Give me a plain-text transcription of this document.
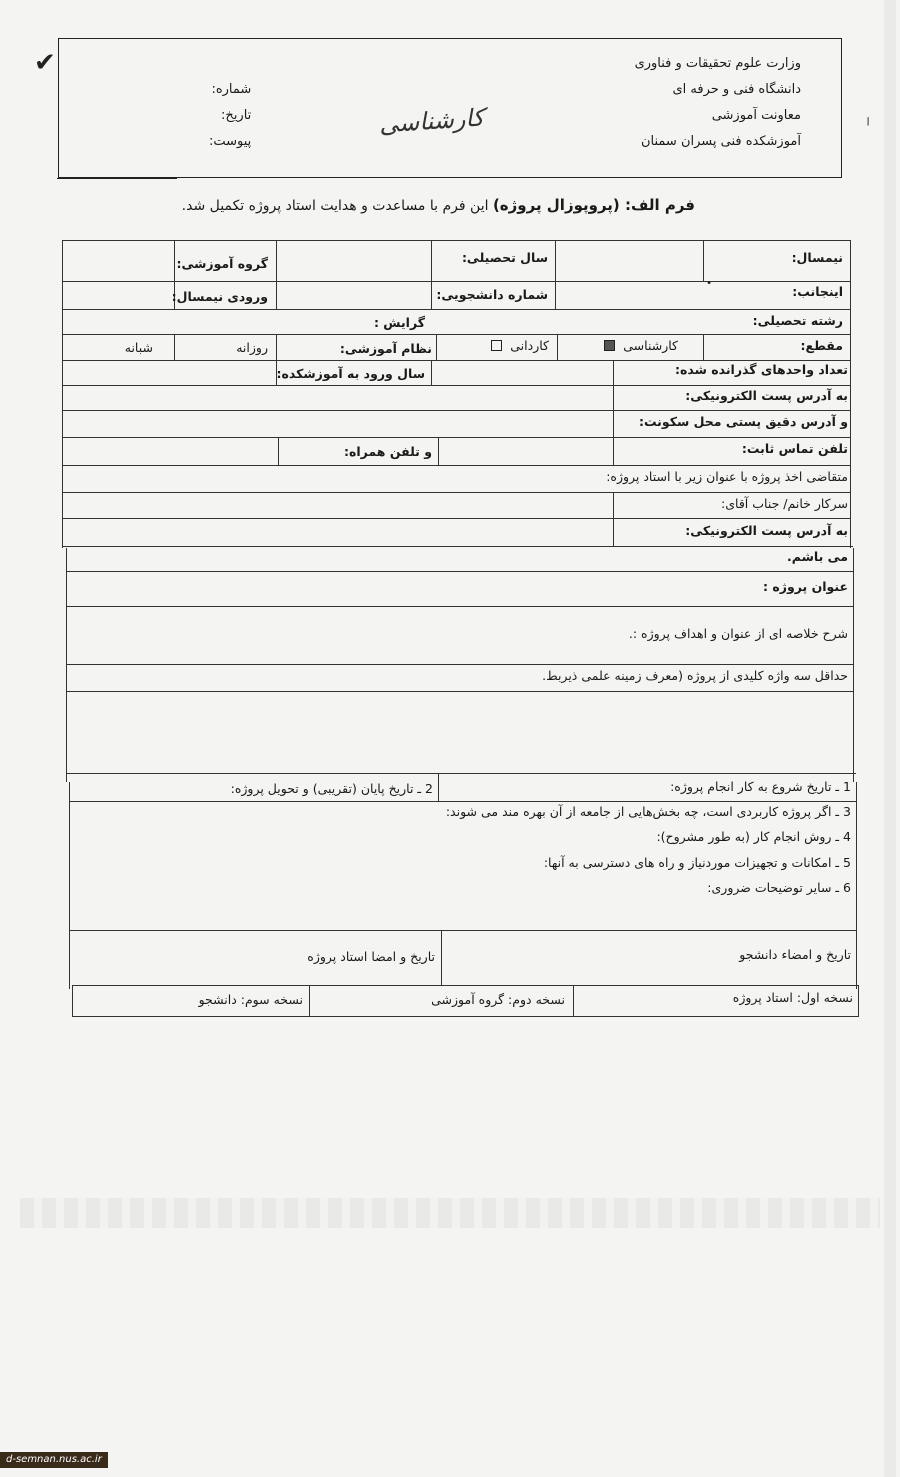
✔
╷
وزارت علوم تحقیقات و فناوری
دانشگاه فنی و حرفه ای
معاونت آموزشی
آموزشکده فنی پسران سمنان
شماره:
تاریخ:
پیوست:
کارشناسی
فرم الف: (پروپوزال پروژه) این فرم با مساعدت و هدایت استاد پروژه تکمیل شد.
نیمسال:
سال تحصیلی:
گروه آموزشی:
اینجانب:
شماره دانشجویی:
ورودی نیمسال:
•
رشته تحصیلی:
گرایش :
مقطع:
کارشناسی
کاردانی
نظام آموزشی:
روزانه
شبانه
تعداد واحدهای گذرانده شده:
سال ورود به آموزشکده:
به آدرس پست الکترونیکی:
و آدرس دقیق پستی محل سکونت:
تلفن تماس ثابت:
و تلفن همراه:
متقاضی اخذ پروژه با عنوان زیر با استاد پروژه:
سرکار خانم/ جناب آقای:
به آدرس پست الکترونیکی:
می باشم.
عنوان پروژه :
شرح خلاصه ای از عنوان و اهداف پروژه :.
حداقل سه واژه کلیدی از پروژه (معرف زمینه علمی ذیربط.
1 ـ تاریخ شروع به کار انجام پروژه:
2 ـ تاریخ پایان (تقریبی) و تحویل پروژه:
3 ـ اگر پروژه کاربردی است، چه بخش‌هایی از جامعه از آن بهره مند می شوند:
4 ـ روش انجام کار (به طور مشروح):
5 ـ امکانات و تجهیزات موردنیاز و راه های دسترسی به آنها:
6 ـ سایر توضیحات ضروری:
تاریخ و امضاء دانشجو
تاریخ و امضا استاد پروژه
نسخه اول: استاد پروژه
نسخه دوم: گروه آموزشی
نسخه سوم: دانشجو
d-semnan.nus.ac.ir
